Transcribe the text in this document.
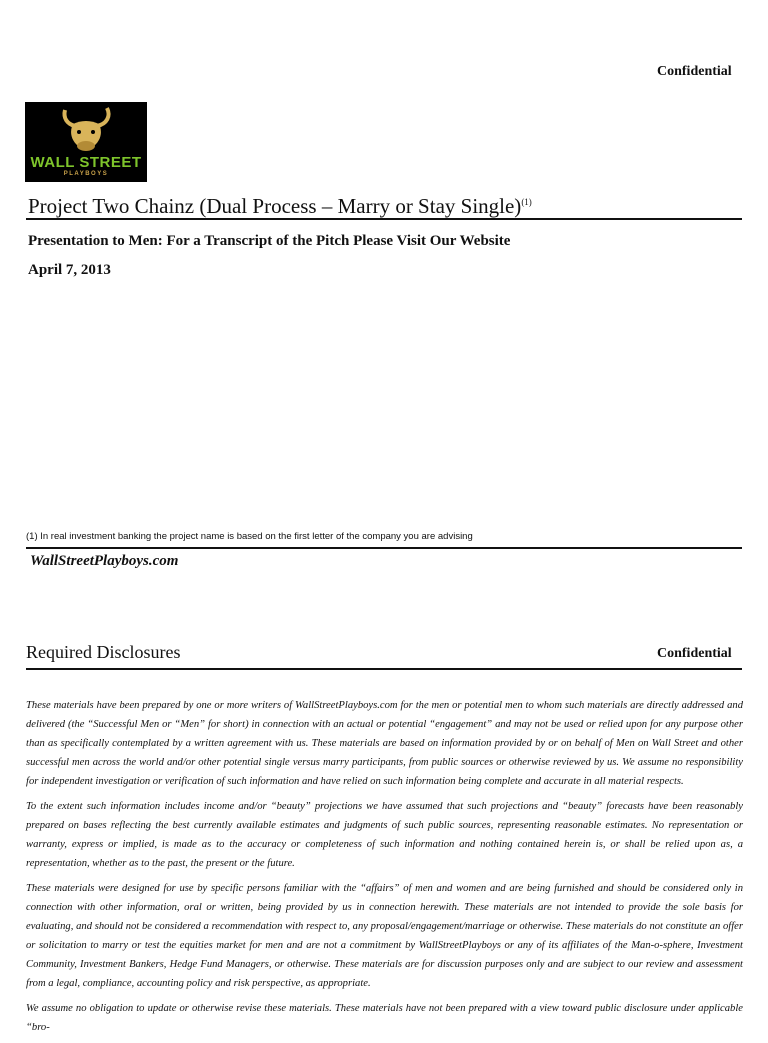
Confidential
WALL STREET
PLAYBOYS
Project Two Chainz (Dual Process – Marry or Stay Single)$^{(1)}$
Presentation to Men: For a Transcript of the Pitch Please Visit Our Website
April 7, 2013
(1) In real investment banking the project name is based on the first letter of the company you are advising
WallStreetPlayboys.com
Required Disclosures	Confidential

These materials have been prepared by one or more writers of WallStreetPlayboys.com for the men or potential men to whom such materials are directly addressed and delivered (the “Successful Men or “Men” for short) in connection with an actual or potential “engagement” and may not be used or relied upon for any purpose other than as specifically contemplated by a written agreement with us. These materials are based on information provided by or on behalf of Men on Wall Street and other successful men across the world and/or other potential single versus marry participants, from public sources or otherwise reviewed by us. We assume no responsibility for independent investigation or verification of such information and have relied on such information being complete and accurate in all material respects.

To the extent such information includes income and/or “beauty” projections we have assumed that such projections and “beauty” forecasts have been reasonably prepared on bases reflecting the best currently available estimates and judgments of such public sources, representing reasonable estimates. No representation or warranty, express or implied, is made as to the accuracy or completeness of such information and nothing contained herein is, or shall be relied upon as, a representation, whether as to the past, the present or the future.

These materials were designed for use by specific persons familiar with the “affairs” of men and women and are being furnished and should be considered only in connection with other information, oral or written, being provided by us in connection herewith. These materials are not intended to provide the sole basis for evaluating, and should not be considered a recommendation with respect to, any proposal/engagement/marriage or otherwise. These materials do not constitute an offer or solicitation to marry or test the equities market for men and are not a commitment by WallStreetPlayboys or any of its affiliates of the Man-o-sphere, Investment Community, Investment Bankers, Hedge Fund Managers, or otherwise. These materials are for discussion purposes only and are subject to our review and assessment from a legal, compliance, accounting policy and risk perspective, as appropriate.

We assume no obligation to update or otherwise revise these materials. These materials have not been prepared with a view toward public disclosure under applicable “bro-
